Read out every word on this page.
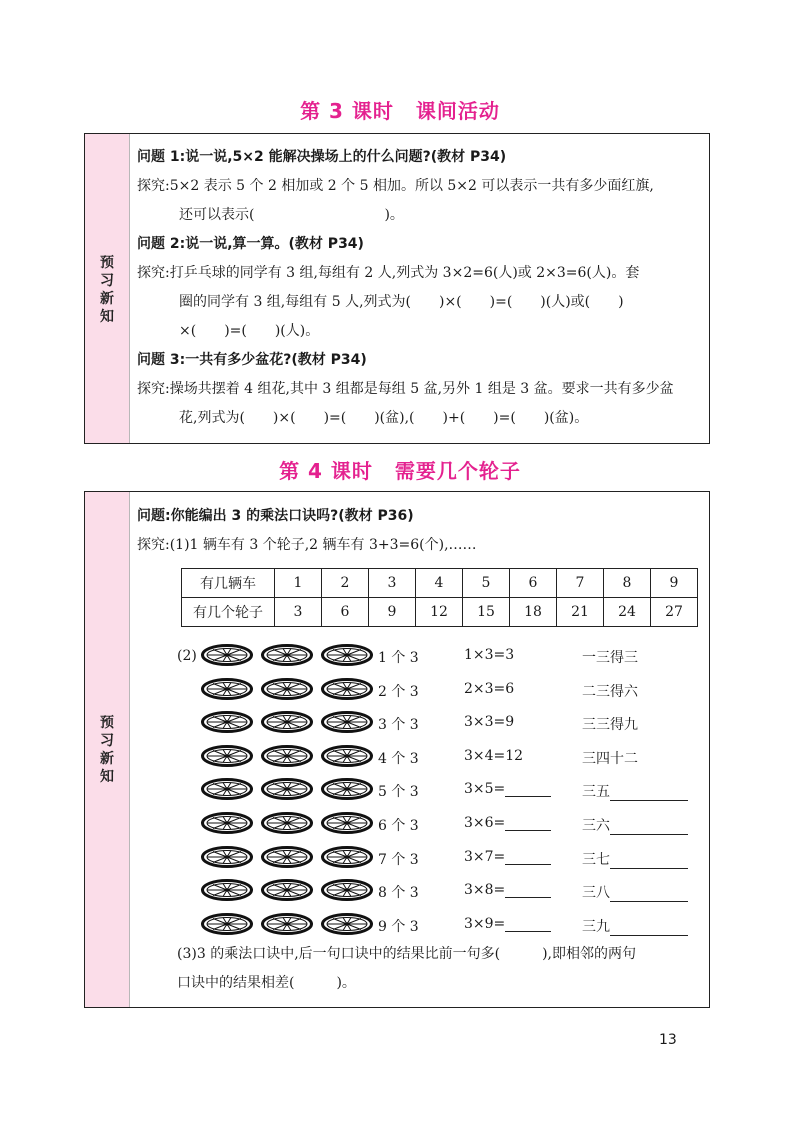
第 3 课时 课间活动
预
习
新
知
问题 1:说一说,5×2 能解决操场上的什么问题?(教材 P34)
探究:5×2 表示 5 个 2 相加或 2 个 5 相加。所以 5×2 可以表示一共有多少面红旗,
还可以表示(	)。
问题 2:说一说,算一算。(教材 P34)
探究:打乒乓球的同学有 3 组,每组有 2 人,列式为 3×2=6(人)或 2×3=6(人)。套
圈的同学有 3 组,每组有 5 人,列式为(　　)×(　　)=(　　)(人)或(　　)
×(　　)=(　　)(人)。
问题 3:一共有多少盆花?(教材 P34)
探究:操场共摆着 4 组花,其中 3 组都是每组 5 盆,另外 1 组是 3 盆。要求一共有多少盆
花,列式为(　　)×(　　)=(　　)(盆),(　　)+(　　)=(　　)(盆)。
第 4 课时 需要几个轮子
预
习
新
知
问题:你能编出 3 的乘法口诀吗?(教材 P36)
探究:(1)1 辆车有 3 个轮子,2 辆车有 3+3=6(个),……
有几辆车	1	2	3	4	5	6	7	8	9
有几个轮子	3	6	9	12	15	18	21	24	27
(2)	1 个 3	1×3=3	一三得三
2 个 3	2×3=6	二三得六
3 个 3	3×3=9	三三得九
4 个 3	3×4=12	三四十二
5 个 3	3×5=	三五
6 个 3	3×6=	三六
7 个 3	3×7=	三七
8 个 3	3×8=	三八
9 个 3	3×9=	三九
(3)3 的乘法口诀中,后一句口诀中的结果比前一句多(　　　),即相邻的两句
口诀中的结果相差(　　　)。
13
